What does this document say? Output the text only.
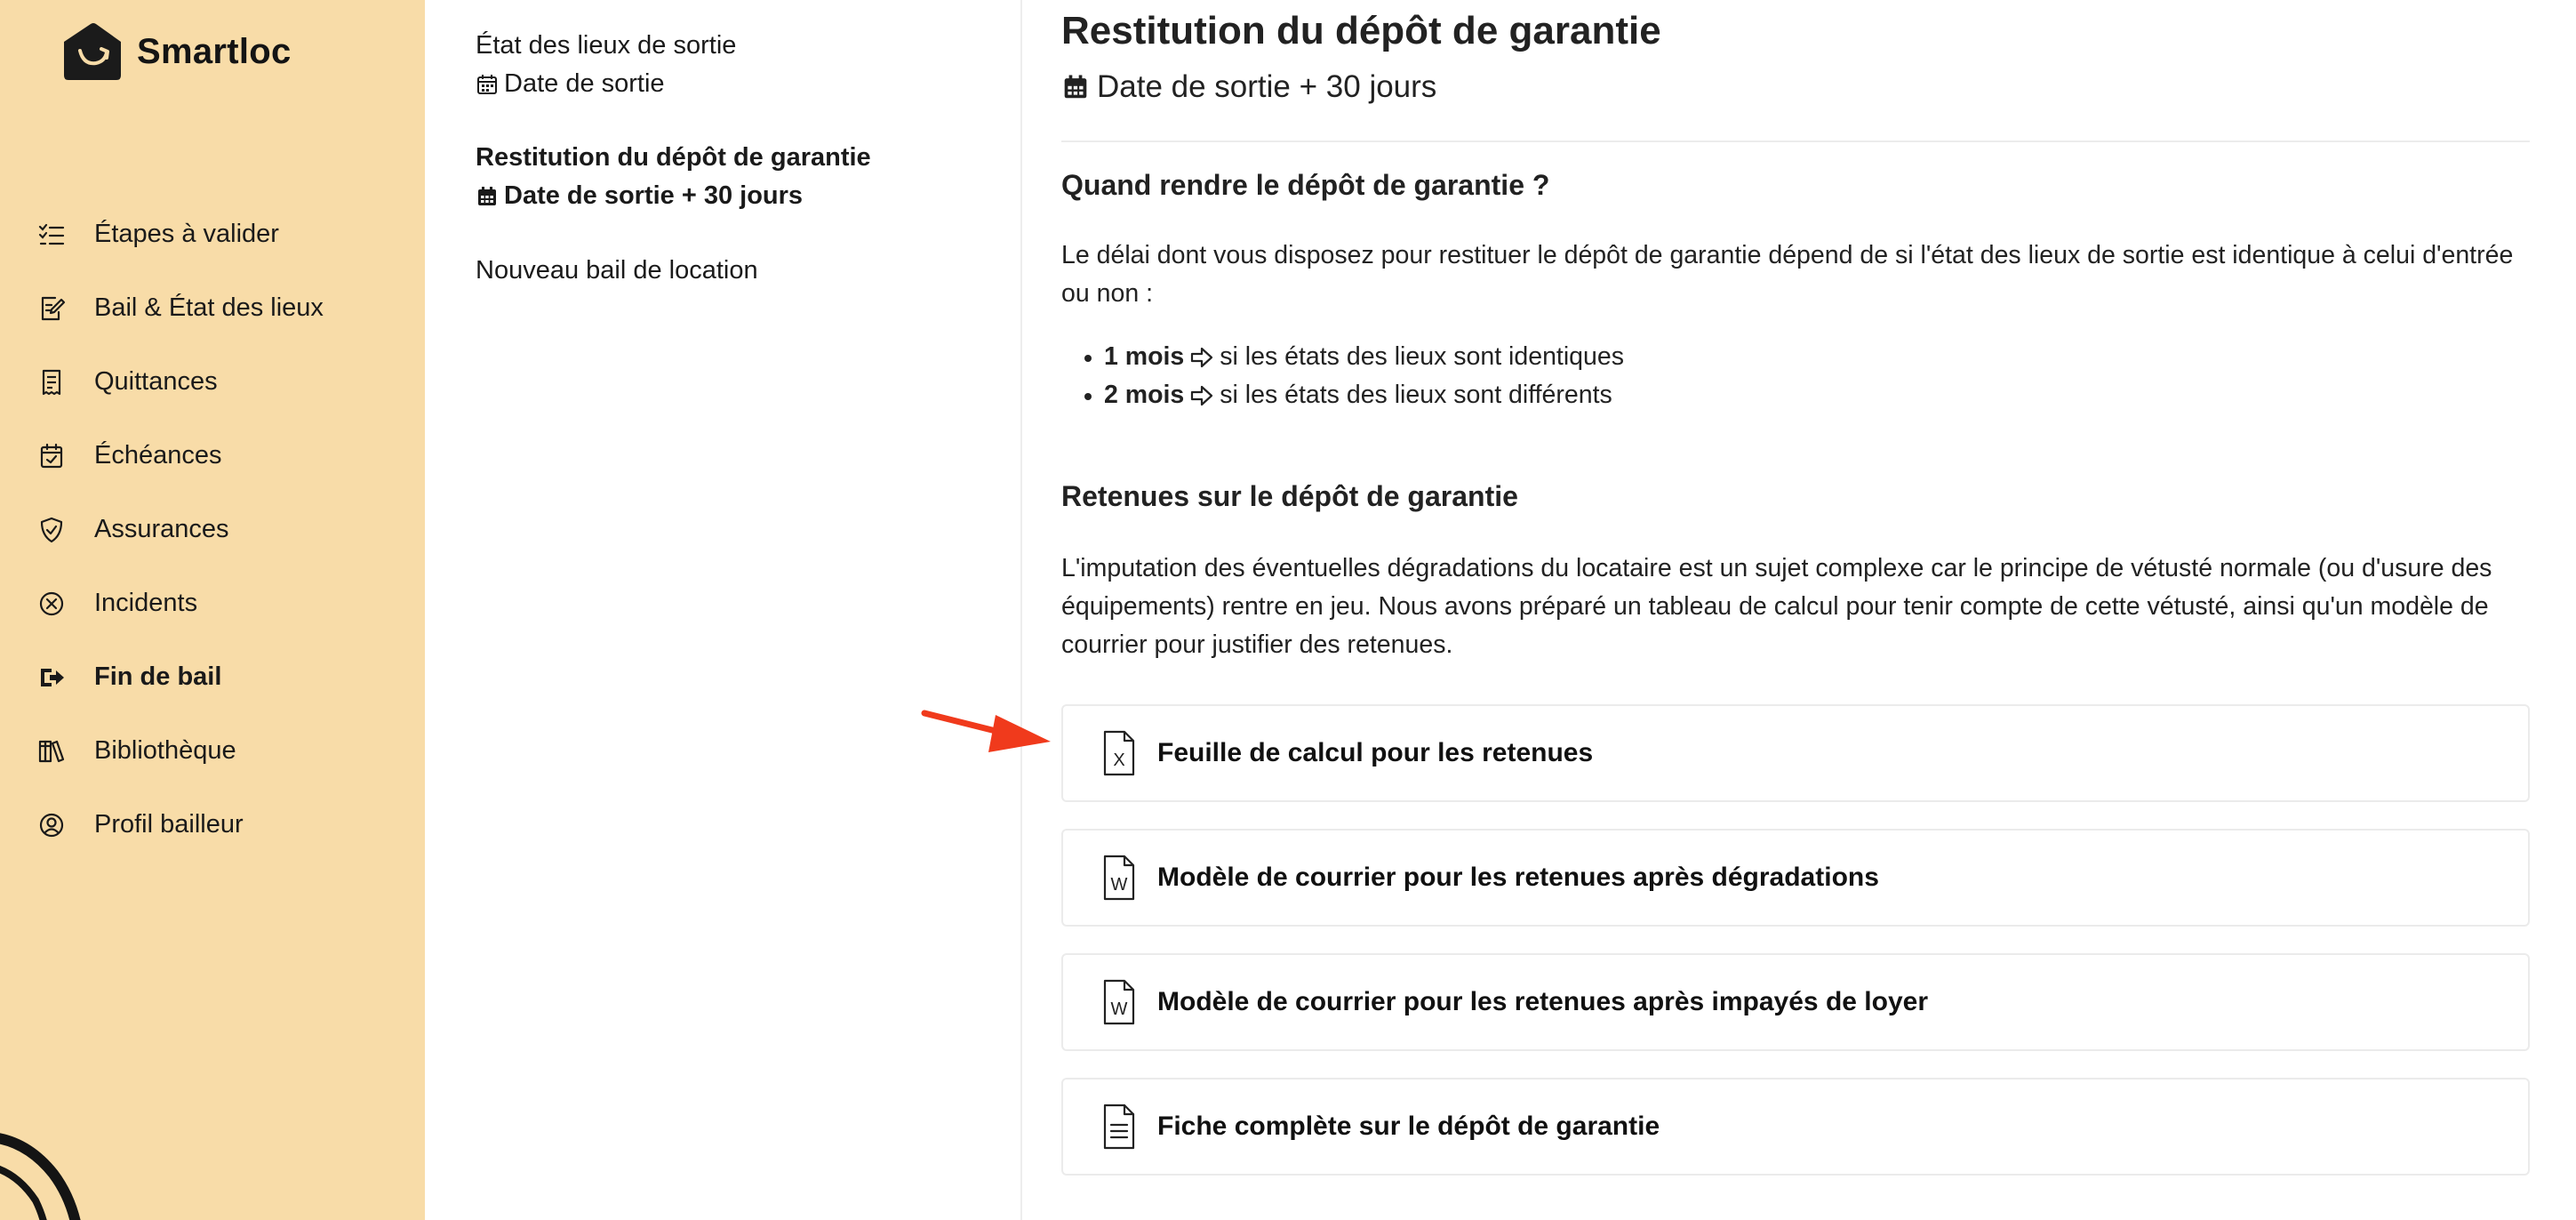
Smartloc
Étapes à valider
Bail & État des lieux
Quittances
Échéances
Assurances
Incidents
Fin de bail
Bibliothèque
Profil bailleur
État des lieux de sortie
Date de sortie
Restitution du dépôt de garantie
Date de sortie + 30 jours
Nouveau bail de location
Restitution du dépôt de garantie
Date de sortie + 30 jours
Quand rendre le dépôt de garantie ?

Le délai dont vous disposez pour restituer le dépôt de garantie dépend de si l'état des lieux de sortie est identique à celui d'entrée ou non :

1 mois si les états des lieux sont identiques
2 mois si les états des lieux sont différents
Retenues sur le dépôt de garantie

L'imputation des éventuelles dégradations du locataire est un sujet complexe car le principe de vétusté normale (ou d'usure des équipements) rentre en jeu. Nous avons préparé un tableau de calcul pour tenir compte de cette vétusté, ainsi qu'un modèle de courrier pour justifier des retenues.

X Feuille de calcul pour les retenues
W Modèle de courrier pour les retenues après dégradations
W Modèle de courrier pour les retenues après impayés de loyer
Fiche complète sur le dépôt de garantie
